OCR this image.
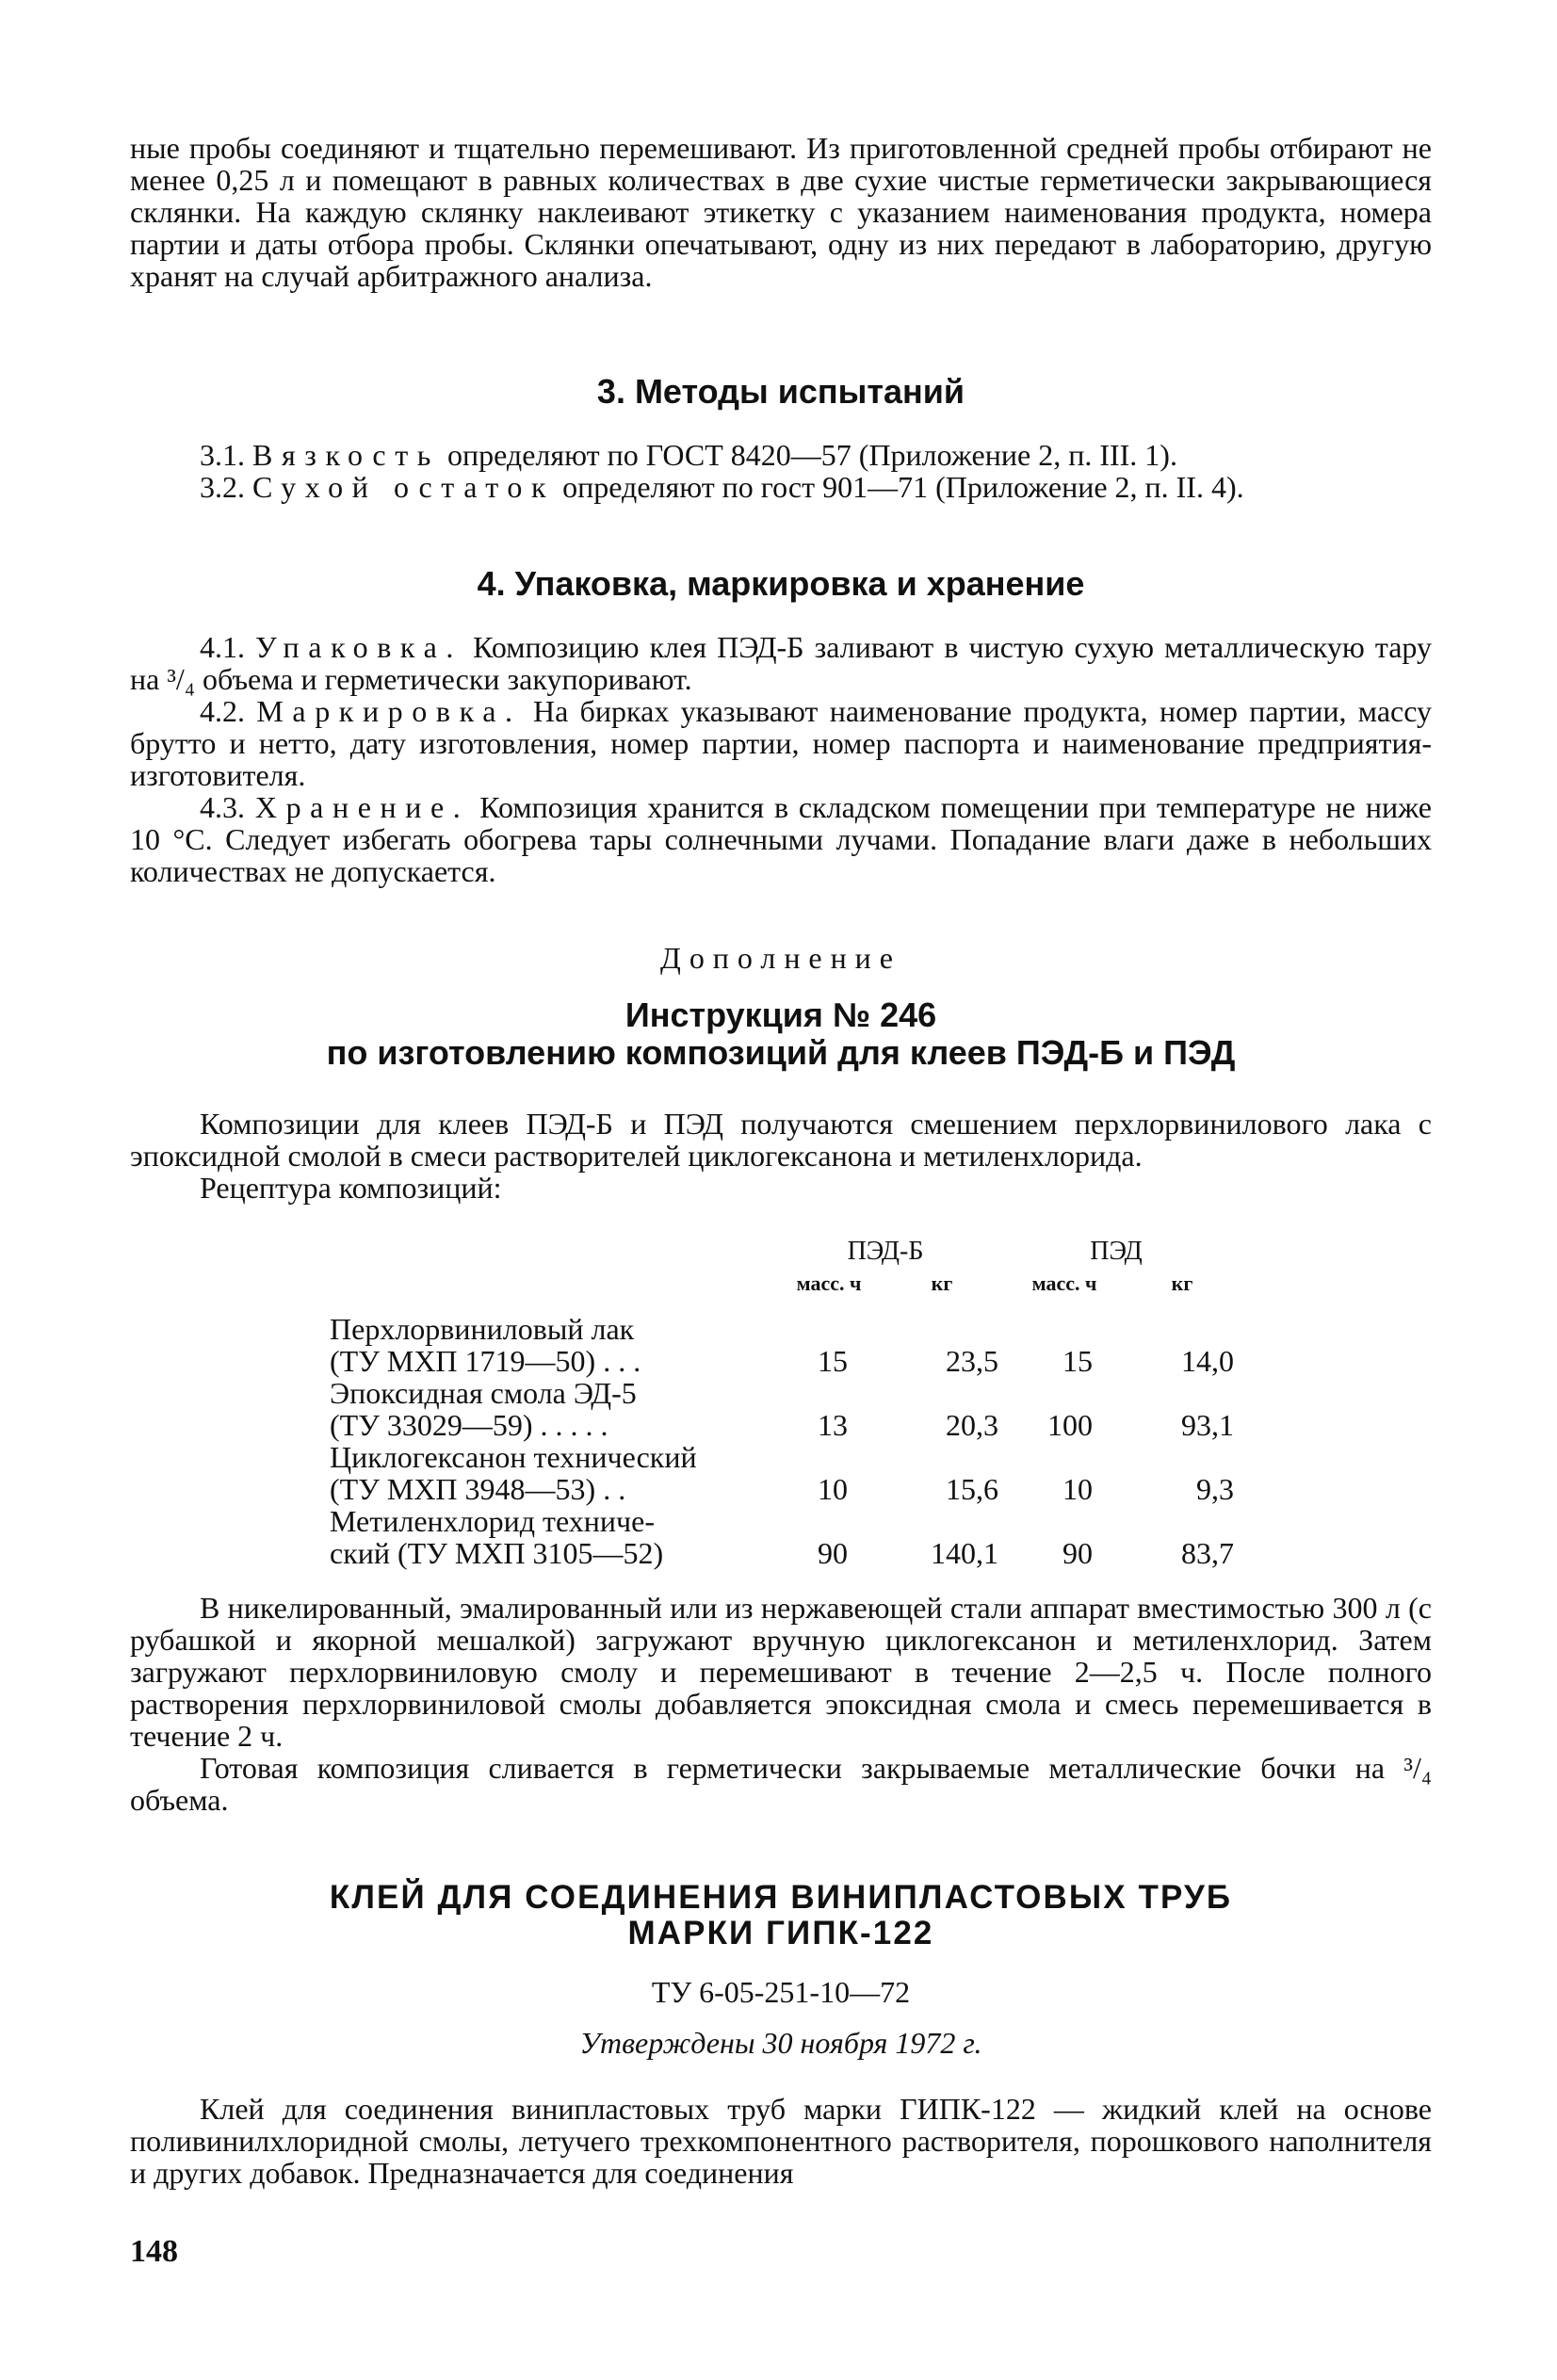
ные пробы соединяют и тщательно перемешивают. Из приготовленной средней пробы отбирают не менее 0,25 л и помещают в равных количествах в две сухие чистые герметически закрывающиеся склянки. На каждую склянку наклеивают этикетку с указанием наименования продукта, номера партии и даты отбора пробы. Склянки опечатывают, одну из них передают в лабораторию, другую хранят на случай арбитражного анализа.

3. Методы испытаний

3.1. Вязкость определяют по ГОСТ 8420—57 (Приложение 2, п. III. 1).

3.2. Сухой остаток определяют по гост 901—71 (Приложение 2, п. II. 4).

4. Упаковка, маркировка и хранение

4.1. Упаковка. Композицию клея ПЭД-Б заливают в чистую сухую металлическую тару на ³/₄ объема и герметически закупоривают.

4.2. Маркировка. На бирках указывают наименование продукта, номер партии, массу брутто и нетто, дату изготовления, номер партии, номер паспорта и наименование предприятия-изготовителя.

4.3. Хранение. Композиция хранится в складском помещении при температуре не ниже 10 °С. Следует избегать обогрева тары солнечными лучами. Попадание влаги даже в небольших количествах не допускается.

Дополнение

Инструкция № 246
по изготовлению композиций для клеев ПЭД-Б и ПЭД

Композиции для клеев ПЭД-Б и ПЭД получаются смешением перхлорвинилового лака с эпоксидной смолой в смеси растворителей циклогексанона и метиленхлорида.

Рецептура композиций:

	ПЭД-Б		ПЭД	
	масс. ч	кг	масс. ч	кг

Перхлорвиниловый лак
(ТУ МХП 1719—50) . . .	15	23,5	15	14,0

Эпоксидная смола ЭД-5
(ТУ 33029—59) . . . . .	13	20,3	100	93,1

Циклогексанон технический
(ТУ МХП 3948—53) . .	10	15,6	10	9,3

Метиленхлорид техниче-
ский (ТУ МХП 3105—52)	90	140,1	90	83,7

В никелированный, эмалированный или из нержавеющей стали аппарат вместимостью 300 л (с рубашкой и якорной мешалкой) загружают вручную циклогексанон и метиленхлорид. Затем загружают перхлорвиниловую смолу и перемешивают в течение 2—2,5 ч. После полного растворения перхлорвиниловой смолы добавляется эпоксидная смола и смесь перемешивается в течение 2 ч.

Готовая композиция сливается в герметически закрываемые металлические бочки на ³/₄ объема.

КЛЕЙ ДЛЯ СОЕДИНЕНИЯ ВИНИПЛАСТОВЫХ ТРУБ
МАРКИ ГИПК-122

ТУ 6-05-251-10—72

Утверждены 30 ноября 1972 г.

Клей для соединения винипластовых труб марки ГИПК-122 — жидкий клей на основе поливинилхлоридной смолы, летучего трехкомпонентного растворителя, порошкового наполнителя и других добавок. Предназначается для соединения

148
